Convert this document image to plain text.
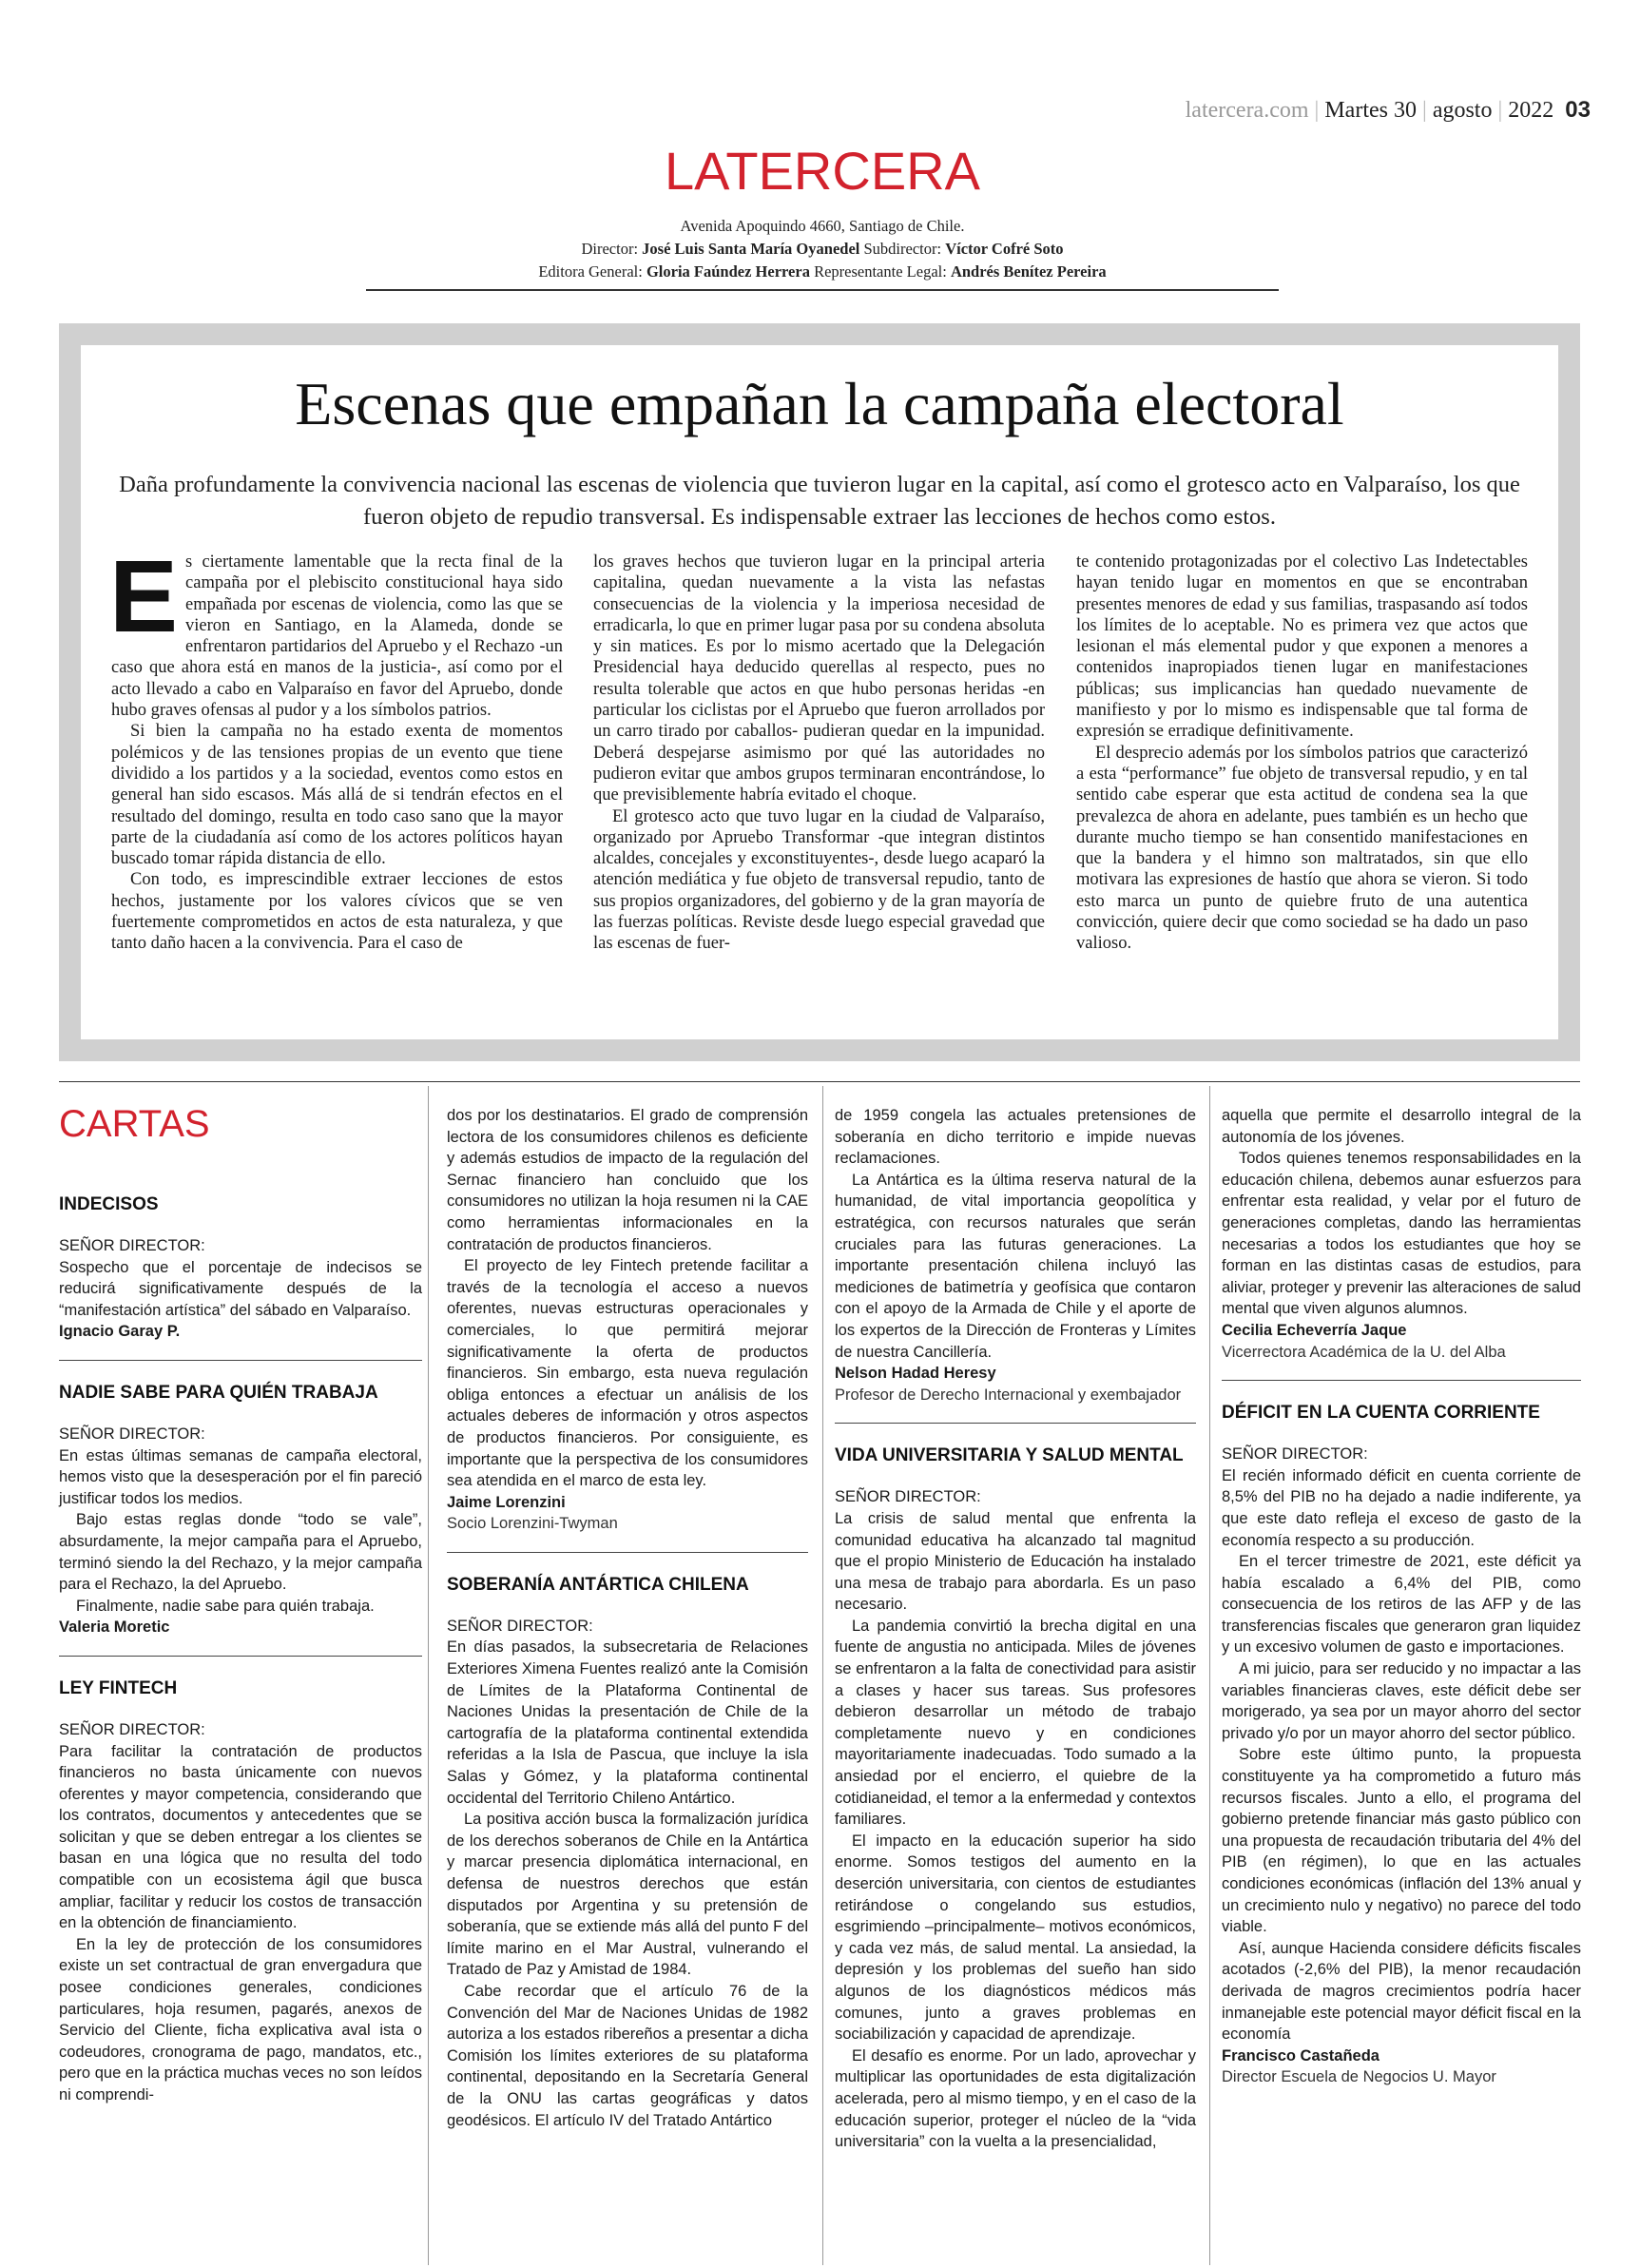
latercera.com | Martes 30 | agosto | 2022 03
LATERCERA
Avenida Apoquindo 4660, Santiago de Chile.
Director: José Luis Santa María Oyanedel Subdirector: Víctor Cofré Soto
Editora General: Gloria Faúndez Herrera Representante Legal: Andrés Benítez Pereira
Escenas que empañan la campaña electoral
Daña profundamente la convivencia nacional las escenas de violencia que tuvieron lugar en la capital, así como el grotesco acto en Valparaíso, los que fueron objeto de repudio transversal. Es indispensable extraer las lecciones de hechos como estos.

Es ciertamente lamentable que la recta final de la campaña por el plebiscito constitucional haya sido empañada por escenas de violencia, como las que se vieron en Santiago, en la Alameda, donde se enfrentaron partidarios del Apruebo y el Rechazo -un caso que ahora está en manos de la justicia-, así como por el acto llevado a cabo en Valparaíso en favor del Apruebo, donde hubo graves ofensas al pudor y a los símbolos patrios.

Si bien la campaña no ha estado exenta de momentos polémicos y de las tensiones propias de un evento que tiene dividido a los partidos y a la sociedad, eventos como estos en general han sido escasos. Más allá de si tendrán efectos en el resultado del domingo, resulta en todo caso sano que la mayor parte de la ciudadanía así como de los actores políticos hayan buscado tomar rápida distancia de ello.

Con todo, es imprescindible extraer lecciones de estos hechos, justamente por los valores cívicos que se ven fuertemente comprometidos en actos de esta naturaleza, y que tanto daño hacen a la convivencia. Para el caso de

los graves hechos que tuvieron lugar en la principal arteria capitalina, quedan nuevamente a la vista las nefastas consecuencias de la violencia y la imperiosa necesidad de erradicarla, lo que en primer lugar pasa por su condena absoluta y sin matices. Es por lo mismo acertado que la Delegación Presidencial haya deducido querellas al respecto, pues no resulta tolerable que actos en que hubo personas heridas -en particular los ciclistas por el Apruebo que fueron arrollados por un carro tirado por caballos- pudieran quedar en la impunidad. Deberá despejarse asimismo por qué las autoridades no pudieron evitar que ambos grupos terminaran encontrándose, lo que previsiblemente habría evitado el choque.

El grotesco acto que tuvo lugar en la ciudad de Valparaíso, organizado por Apruebo Transformar -que integran distintos alcaldes, concejales y exconstituyentes-, desde luego acaparó la atención mediática y fue objeto de transversal repudio, tanto de sus propios organizadores, del gobierno y de la gran mayoría de las fuerzas políticas. Reviste desde luego especial gravedad que las escenas de fuer-

te contenido protagonizadas por el colectivo Las Indetectables hayan tenido lugar en momentos en que se encontraban presentes menores de edad y sus familias, traspasando así todos los límites de lo aceptable. No es primera vez que actos que lesionan el más elemental pudor y que exponen a menores a contenidos inapropiados tienen lugar en manifestaciones públicas; sus implicancias han quedado nuevamente de manifiesto y por lo mismo es indispensable que tal forma de expresión se erradique definitivamente.

El desprecio además por los símbolos patrios que caracterizó a esta “performance” fue objeto de transversal repudio, y en tal sentido cabe esperar que esta actitud de condena sea la que prevalezca de ahora en adelante, pues también es un hecho que durante mucho tiempo se han consentido manifestaciones en que la bandera y el himno son maltratados, sin que ello motivara las expresiones de hastío que ahora se vieron. Si todo esto marca un punto de quiebre fruto de una autentica convicción, quiere decir que como sociedad se ha dado un paso valioso.

CARTAS
INDECISOS

SEÑOR DIRECTOR:

Sospecho que el porcentaje de indecisos se reducirá significativamente después de la “manifestación artística” del sábado en Valparaíso.

Ignacio Garay P.

NADIE SABE PARA QUIÉN TRABAJA

SEÑOR DIRECTOR:

En estas últimas semanas de campaña electoral, hemos visto que la desesperación por el fin pareció justificar todos los medios.

Bajo estas reglas donde “todo se vale”, absurdamente, la mejor campaña para el Apruebo, terminó siendo la del Rechazo, y la mejor campaña para el Rechazo, la del Apruebo.

Finalmente, nadie sabe para quién trabaja.

Valeria Moretic

LEY FINTECH

SEÑOR DIRECTOR:

Para facilitar la contratación de productos financieros no basta únicamente con nuevos oferentes y mayor competencia, considerando que los contratos, documentos y antecedentes que se solicitan y que se deben entregar a los clientes se basan en una lógica que no resulta del todo compatible con un ecosistema ágil que busca ampliar, facilitar y reducir los costos de transacción en la obtención de financiamiento.

En la ley de protección de los consumidores existe un set contractual de gran envergadura que posee condiciones generales, condiciones particulares, hoja resumen, pagarés, anexos de Servicio del Cliente, ficha explicativa aval ista o codeudores, cronograma de pago, mandatos, etc., pero que en la práctica muchas veces no son leídos ni comprendi-

dos por los destinatarios. El grado de comprensión lectora de los consumidores chilenos es deficiente y además estudios de impacto de la regulación del Sernac financiero han concluido que los consumidores no utilizan la hoja resumen ni la CAE como herramientas informacionales en la contratación de productos financieros.

El proyecto de ley Fintech pretende facilitar a través de la tecnología el acceso a nuevos oferentes, nuevas estructuras operacionales y comerciales, lo que permitirá mejorar significativamente la oferta de productos financieros. Sin embargo, esta nueva regulación obliga entonces a efectuar un análisis de los actuales deberes de información y otros aspectos de productos financieros. Por consiguiente, es importante que la perspectiva de los consumidores sea atendida en el marco de esta ley.

Jaime Lorenzini

Socio Lorenzini-Twyman

SOBERANÍA ANTÁRTICA CHILENA

SEÑOR DIRECTOR:

En días pasados, la subsecretaria de Relaciones Exteriores Ximena Fuentes realizó ante la Comisión de Límites de la Plataforma Continental de Naciones Unidas la presentación de Chile de la cartografía de la plataforma continental extendida referidas a la Isla de Pascua, que incluye la isla Salas y Gómez, y la plataforma continental occidental del Territorio Chileno Antártico.

La positiva acción busca la formalización jurídica de los derechos soberanos de Chile en la Antártica y marcar presencia diplomática internacional, en defensa de nuestros derechos que están disputados por Argentina y su pretensión de soberanía, que se extiende más allá del punto F del límite marino en el Mar Austral, vulnerando el Tratado de Paz y Amistad de 1984.

Cabe recordar que el artículo 76 de la Convención del Mar de Naciones Unidas de 1982 autoriza a los estados ribereños a presentar a dicha Comisión los límites exteriores de su plataforma continental, depositando en la Secretaría General de la ONU las cartas geográficas y datos geodésicos. El artículo IV del Tratado Antártico

de 1959 congela las actuales pretensiones de soberanía en dicho territorio e impide nuevas reclamaciones.

La Antártica es la última reserva natural de la humanidad, de vital importancia geopolítica y estratégica, con recursos naturales que serán cruciales para las futuras generaciones. La importante presentación chilena incluyó las mediciones de batimetría y geofísica que contaron con el apoyo de la Armada de Chile y el aporte de los expertos de la Dirección de Fronteras y Límites de nuestra Cancillería.

Nelson Hadad Heresy

Profesor de Derecho Internacional y exembajador

VIDA UNIVERSITARIA Y SALUD MENTAL

SEÑOR DIRECTOR:

La crisis de salud mental que enfrenta la comunidad educativa ha alcanzado tal magnitud que el propio Ministerio de Educación ha instalado una mesa de trabajo para abordarla. Es un paso necesario.

La pandemia convirtió la brecha digital en una fuente de angustia no anticipada. Miles de jóvenes se enfrentaron a la falta de conectividad para asistir a clases y hacer sus tareas. Sus profesores debieron desarrollar un método de trabajo completamente nuevo y en condiciones mayoritariamente inadecuadas. Todo sumado a la ansiedad por el encierro, el quiebre de la cotidianeidad, el temor a la enfermedad y contextos familiares.

El impacto en la educación superior ha sido enorme. Somos testigos del aumento en la deserción universitaria, con cientos de estudiantes retirándose o congelando sus estudios, esgrimiendo –principalmente– motivos económicos, y cada vez más, de salud mental. La ansiedad, la depresión y los problemas del sueño han sido algunos de los diagnósticos médicos más comunes, junto a graves problemas en sociabilización y capacidad de aprendizaje.

El desafío es enorme. Por un lado, aprovechar y multiplicar las oportunidades de esta digitalización acelerada, pero al mismo tiempo, y en el caso de la educación superior, proteger el núcleo de la “vida universitaria” con la vuelta a la presencialidad,

aquella que permite el desarrollo integral de la autonomía de los jóvenes.

Todos quienes tenemos responsabilidades en la educación chilena, debemos aunar esfuerzos para enfrentar esta realidad, y velar por el futuro de generaciones completas, dando las herramientas necesarias a todos los estudiantes que hoy se forman en las distintas casas de estudios, para aliviar, proteger y prevenir las alteraciones de salud mental que viven algunos alumnos.

Cecilia Echeverría Jaque

Vicerrectora Académica de la U. del Alba

DÉFICIT EN LA CUENTA CORRIENTE

SEÑOR DIRECTOR:

El recién informado déficit en cuenta corriente de 8,5% del PIB no ha dejado a nadie indiferente, ya que este dato refleja el exceso de gasto de la economía respecto a su producción.

En el tercer trimestre de 2021, este déficit ya había escalado a 6,4% del PIB, como consecuencia de los retiros de las AFP y de las transferencias fiscales que generaron gran liquidez y un excesivo volumen de gasto e importaciones.

A mi juicio, para ser reducido y no impactar a las variables financieras claves, este déficit debe ser morigerado, ya sea por un mayor ahorro del sector privado y/o por un mayor ahorro del sector público.

Sobre este último punto, la propuesta constituyente ya ha comprometido a futuro más recursos fiscales. Junto a ello, el programa del gobierno pretende financiar más gasto público con una propuesta de recaudación tributaria del 4% del PIB (en régimen), lo que en las actuales condiciones económicas (inflación del 13% anual y un crecimiento nulo y negativo) no parece del todo viable.

Así, aunque Hacienda considere déficits fiscales acotados (-2,6% del PIB), la menor recaudación derivada de magros crecimientos podría hacer inmanejable este potencial mayor déficit fiscal en la economía

Francisco Castañeda

Director Escuela de Negocios U. Mayor
